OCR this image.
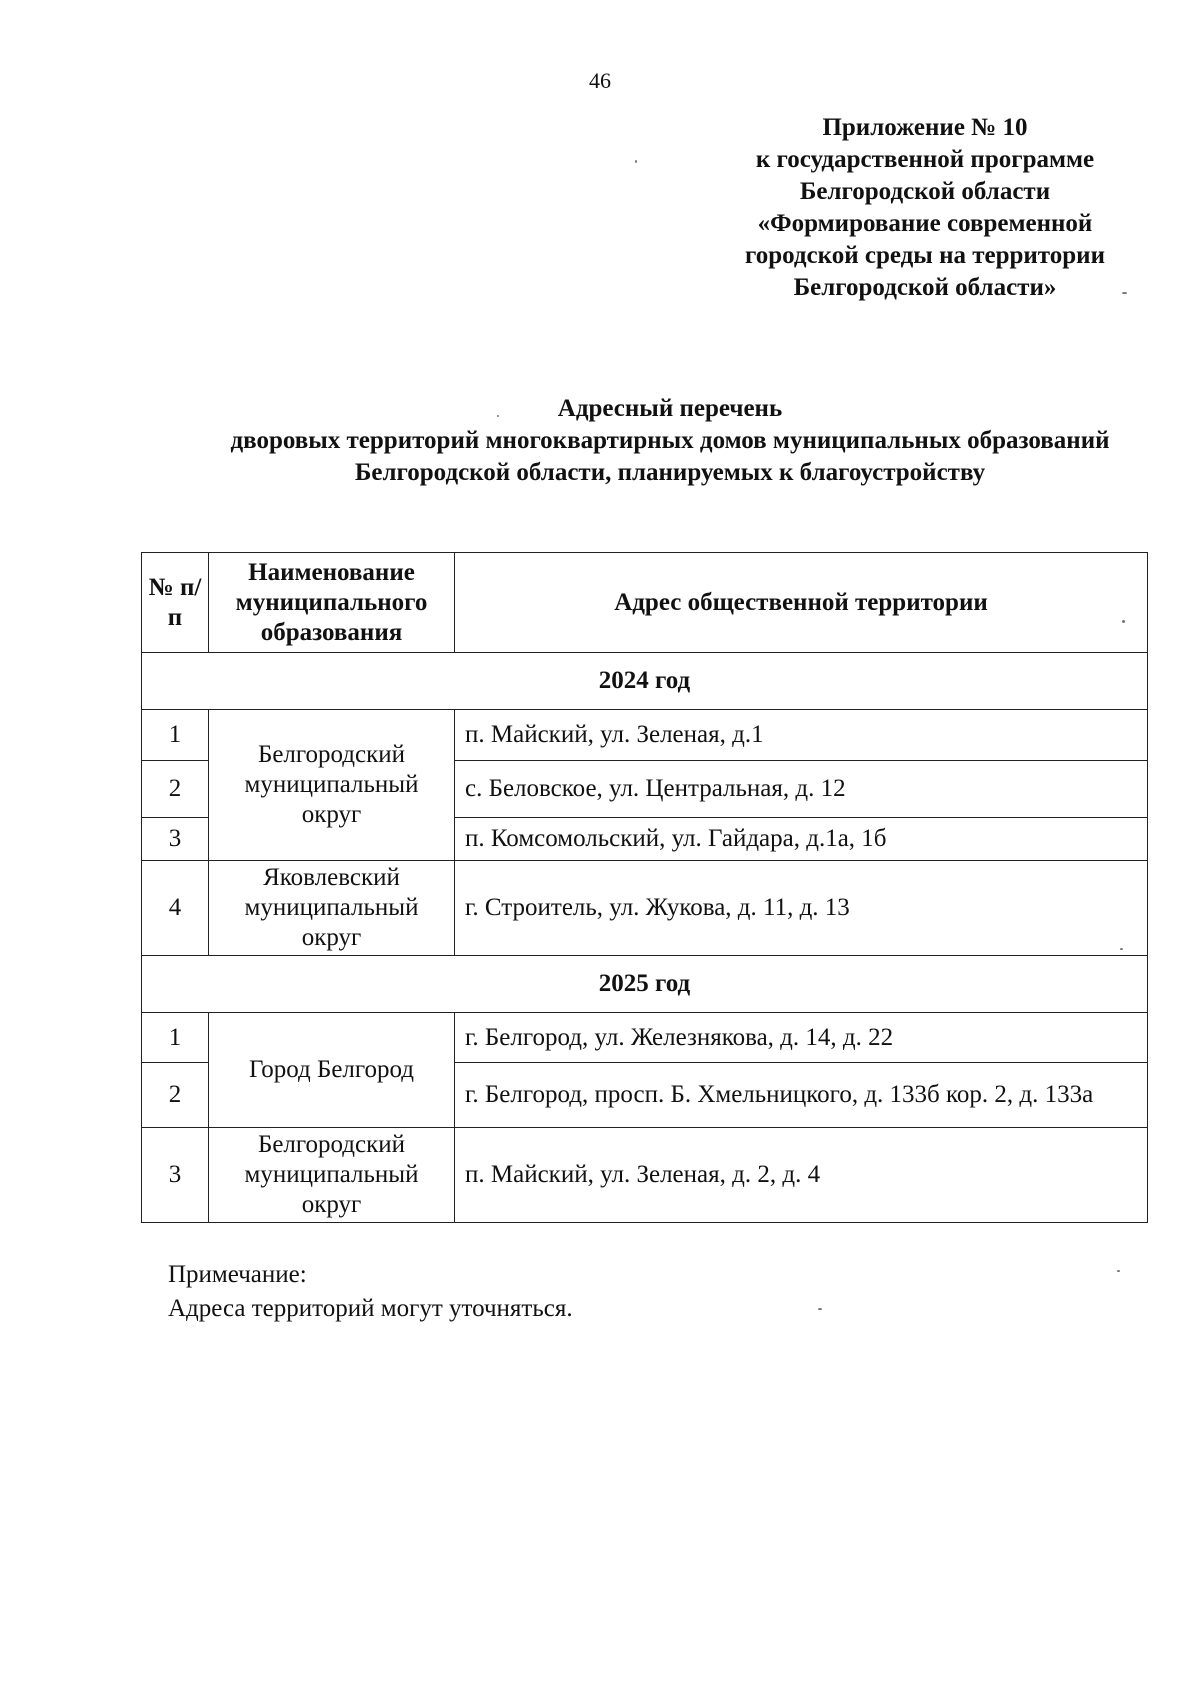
46
Приложение № 10
к государственной программе
Белгородской области
«Формирование современной
городской среды на территории
Белгородской области»
Адресный перечень
дворовых территорий многоквартирных домов муниципальных образований
Белгородской области, планируемых к благоустройству
№ п/п	Наименование муниципального образования	Адрес общественной территории
2024 год		
1	Белгородский муниципальный округ	п. Майский, ул. Зеленая, д.1
2		с. Беловское, ул. Центральная, д. 12
3		п. Комсомольский, ул. Гайдара, д.1а, 1б
4	Яковлевский муниципальный округ	г. Строитель, ул. Жукова, д. 11, д. 13
2025 год		
1	Город Белгород	г. Белгород, ул. Железнякова, д. 14, д. 22
2		г. Белгород, просп. Б. Хмельницкого, д. 133б кор. 2, д. 133а
3	Белгородский муниципальный округ	п. Майский, ул. Зеленая, д. 2, д. 4
Примечание:
Адреса территорий могут уточняться.
